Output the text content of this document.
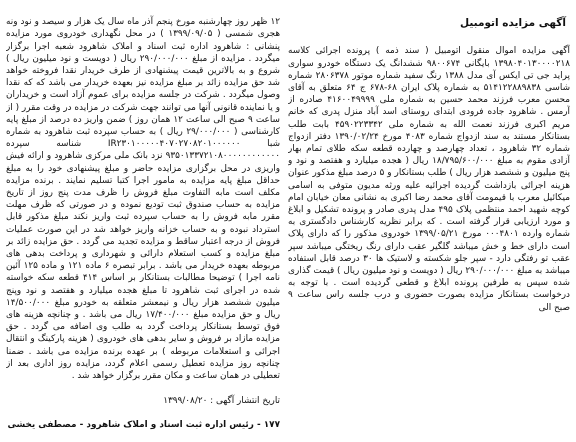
آگهی مزایده اتومبیل

آگهی مزایده اموال منقول اتومبیل ( سند ذمه ) پرونده اجرائی کلاسه ۱۳۹۸۰۴۰۱۳۰۰۰۰۲۱۸ بایگانی ۹۸۰۰۶۷۴ ششدانگ یک دستگاه خودرو سواری پراید جی تی ایکس آی مدل ۱۳۸۸ رنگ سفید شماره موتور ۲۸۰۶۳۷۸ شماره شاسی ۵۱۴۱۲۲۸۸۹۸۳۸ به شماره پلاک ایران ۶۸-۶۷۸ ج ۶۴ متعلق به آقای محسن معرب فرزند محمد حسین به شماره ملی ۴۱۶۰۰۴۹۹۹۹ صادره از آرمس . شاهرود جاده فرودی ابتدای روستای اسد آباد منزل پدری که خانم مریم اکبری فرزند نعمت الله به شماره ملی ۴۵۹۰۲۲۳۳۴۲ بابت طلب بستانکار مستند به سند ازدواج شماره ۴۰۸۳ مورخ ۱۳۹۰/۰۲/۲۴ دفتر ازدواج شماره ۳۲ شاهرود ، تعداد چهارصد و چهارده قطعه سکه طلای تمام بهار آزادی مقوم به مبلغ ۱۸/۷۹۵/۶۰۰/۰۰۰ ریال ( هجده میلیارد و هفتصد و نود و پنج میلیون و ششصد هزار ریال ) طلب بستانکار و ۵ درصد مبلغ مذکور عنوان هزینه اجرائی بازداشت گردیده اجرائیه علیه ورثه مدیون متوفی به اسامی میکائیل معرب با قیمومت آقای محمد رضا اکبری به نشانی معان خیابان امام کوچه شهید احمد منتظمی پلاک ۴۹۵ مدل پدری صادر و پرونده تشکیل و ابلاغ و مورد ارزیابی قرار گرفته است . که برابر نظریه کارشناس دادگستری به شماره وارده ۰۰۰۴۸۰۱ مورخ ۱۳۹۹/۰۵/۲۱ خودروی مذکور را که دارای پلاک است دارای خط و خش میباشد گلگیر عقب دارای رنگ ریختگی میباشد سپر عقب تو رفتگی دارد - سپر جلو شکسته و لاستیک ها ۳۰ درصد قابل استفاده میباشد به مبلغ ۲۹۰/۰۰۰/۰۰۰ ریال ( دویست و نود میلیون ریال ) قیمت گذاری شده سپس به طرفین پرونده ابلاغ و قطعی گردیده است . با توجه به درخواست بستانکار مزایده بصورت حضوری و درب جلسه راس ساعت ۹ صبح الی

۱۲ ظهر روز چهارشنبه مورخ پنجم آذر ماه سال یک هزار و سیصد و نود ونه هجری شمسی ( ۱۳۹۹/۰۹/۰۵ ) در محل نگهداری خودروی مورد مزایده پنشانی : شاهرود اداره ثبت اسناد و املاک شاهرود شعبه اجرا برگزار میگردد . مزایده از مبلغ ۲۹۰/۰۰۰/۰۰۰ ریال ( دویست و نود میلیون ریال ) شروع و به بالاترین قیمت پیشنهادی از طرف خریدار نقدا فروخته خواهد شد حق مزایده زائد بر مبلغ مزایده نیز بعهده خریدار می باشد که که نقدا وصول میگردد . شرکت در جلسه مزایده برای عموم آزاد است و خریداران و یا نماینده قانونی آنها می توانند جهت شرکت در مزایده در وقت مقرر ( از ساعت ۹ صبح الی ساعت ۱۲ همان روز ) ضمن واریز ده درصد از مبلغ پایه کارشناسی ( ۲۹/۰۰۰/۰۰۰ ریال ) به حساب سپرده ثبت شاهرود به شماره شبا IR۲۳۰۱۰۰۰۰۰۴۰۷۰۲۷۰۸۲۰۱۰۰۰۰۰۰ شناسه سپرده ۹۳۵۰۱۳۳۷۲۱۰۸۰۰۰۰۰۰۰۰۰۰۰۰ نزد بانک ملی مرکزی شاهرود و ارائه فیش واریزی در محل برگزاری مزایده حاضر و مبلغ پیشنهادی خود را به مبلغ حداقل مبلغ پایه مزایده به مامور اجرا کتبا تسلیم نمایند . برنده مزایده مکلف است مابه التفاوت مبلغ فروش را ظرف مدت پنج روز از تاریخ مزایده به حساب صندوق ثبت تودیع نموده و در صورتی که ظرف مهلت مقرر مابه فروش را به حساب سپرده ثبت واریز نکند مبلغ مذکور قابل استرداد نبوده و به حساب خزانه واریز خواهد شد در این صورت عملیات فروش از درجه اعتبار ساقط و مزایده تجدید می گردد . حق مزایده زائد بر مبلغ مزایده و کسب استعلام دارائی و شهرداری و پرداخت بدهی های مربوطه بعهده خریدار می باشد . برابر تبصره ۶ ماده ۱۲۱ و ماده ۱۲۵ آئین نامه اجرا ) توضیحا مطالبات بستانکار بر اساس ۴۱۴ قطعه سکه خواسته شده در اجرای ثبت شاهرود تا مبلغ هجده میلیارد و هفتصد و نود وپنج میلیون ششصد هزار ریال و نیمعشر متعلقه به خودرو مبلغ ۱۴/۵۰۰/۰۰۰ ریال و حق مزایده مبلغ ۱۷/۴۰۰/۰۰۰ ریال می باشد . و چنانچه هزینه های فوق توسط بستانکار پرداخت گردد به طلب وی اضافه می گردد . حق مزایده مازاد بر فروش و سایر بدهی های خودروی ( هزینه پارکینگ و انتقال اجرائی و استعلامات مربوطه ) بر عهده برنده مزایده می باشد . ضمنا چنانچه روز مزایده تعطیل رسمی اعلام گردد، مزایده روز اداری بعد از تعطیلی در همان ساعت و مکان مقرر برگزار خواهد شد .

تاریخ انتشار آگهی : ۱۳۹۹/۰۸/۲۰

۱۷۷ - رئیس اداره ثبت اسناد و املاک شاهرود - مصطفی یخشی
